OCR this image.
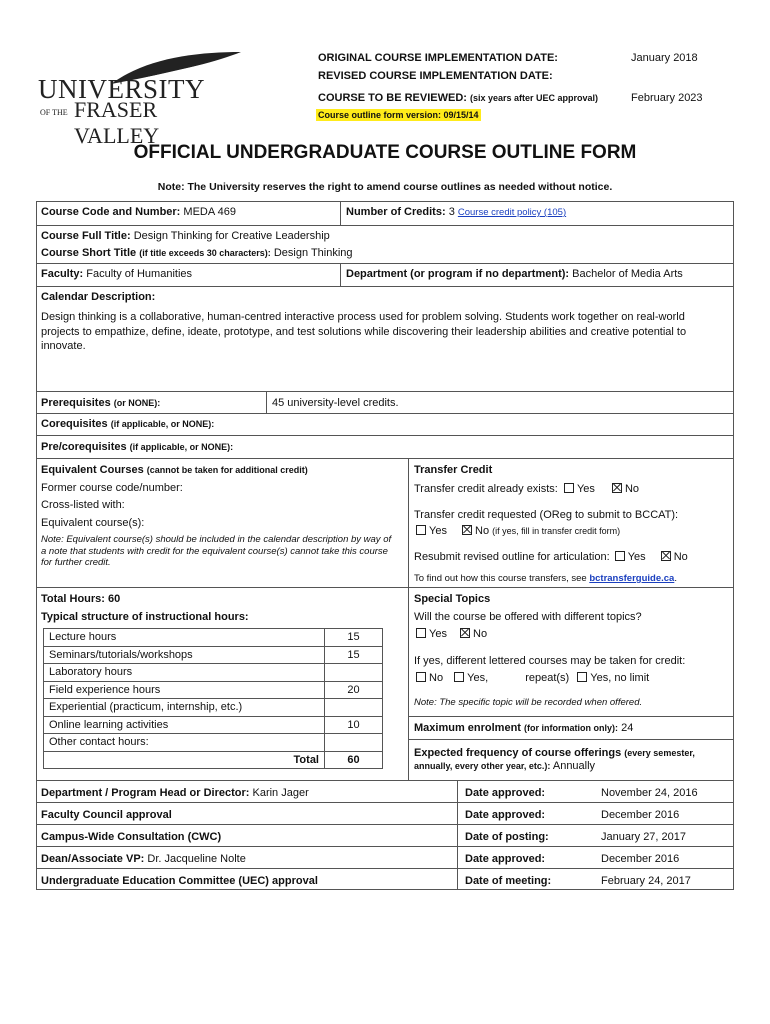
UNIVERSITY
OF THE FRASER VALLEY
ORIGINAL COURSE IMPLEMENTATION DATE:	January 2018
REVISED COURSE IMPLEMENTATION DATE:
COURSE TO BE REVIEWED: (six years after UEC approval)	February 2023
Course outline form version: 09/15/14
OFFICIAL UNDERGRADUATE COURSE OUTLINE FORM
Note: The University reserves the right to amend course outlines as needed without notice.
Course Code and Number: MEDA 469	Number of Credits: 3 Course credit policy (105)
Course Full Title: Design Thinking for Creative Leadership
Course Short Title (if title exceeds 30 characters): Design Thinking
Faculty: Faculty of Humanities	Department (or program if no department): Bachelor of Media Arts
Calendar Description:
Design thinking is a collaborative, human-centred interactive process used for problem solving. Students work together on real-world projects to empathize, define, ideate, prototype, and test solutions while discovering their leadership abilities and creative potential to innovate.
Prerequisites (or NONE):	45 university-level credits.
Corequisites (if applicable, or NONE):
Pre/corequisites (if applicable, or NONE):
Equivalent Courses (cannot be taken for additional credit)
Former course code/number:
Cross-listed with:
Equivalent course(s):
Note: Equivalent course(s) should be included in the calendar description by way of a note that students with credit for the equivalent course(s) cannot take this course for further credit.
Transfer Credit
Transfer credit already exists: Yes	No
Transfer credit requested (OReg to submit to BCCAT):
Yes	No (if yes, fill in transfer credit form)
Resubmit revised outline for articulation: Yes	No
To find out how this course transfers, see bctransferguide.ca.
Total Hours: 60
Typical structure of instructional hours:
Lecture hours	15
Seminars/tutorials/workshops	15
Laboratory hours	
Field experience hours	20
Experiential (practicum, internship, etc.)	
Online learning activities	10
Other contact hours:	
Total	60
Special Topics
Will the course be offered with different topics?
Yes No
If yes, different lettered courses may be taken for credit:
No Yes,	repeat(s) Yes, no limit
Note: The specific topic will be recorded when offered.
Maximum enrolment (for information only): 24
Expected frequency of course offerings (every semester, annually, every other year, etc.): Annually
Department / Program Head or Director: Karin Jager	Date approved:	November 24, 2016
Faculty Council approval	Date approved:	December 2016
Campus-Wide Consultation (CWC)	Date of posting:	January 27, 2017
Dean/Associate VP: Dr. Jacqueline Nolte	Date approved:	December 2016
Undergraduate Education Committee (UEC) approval	Date of meeting:	February 24, 2017
